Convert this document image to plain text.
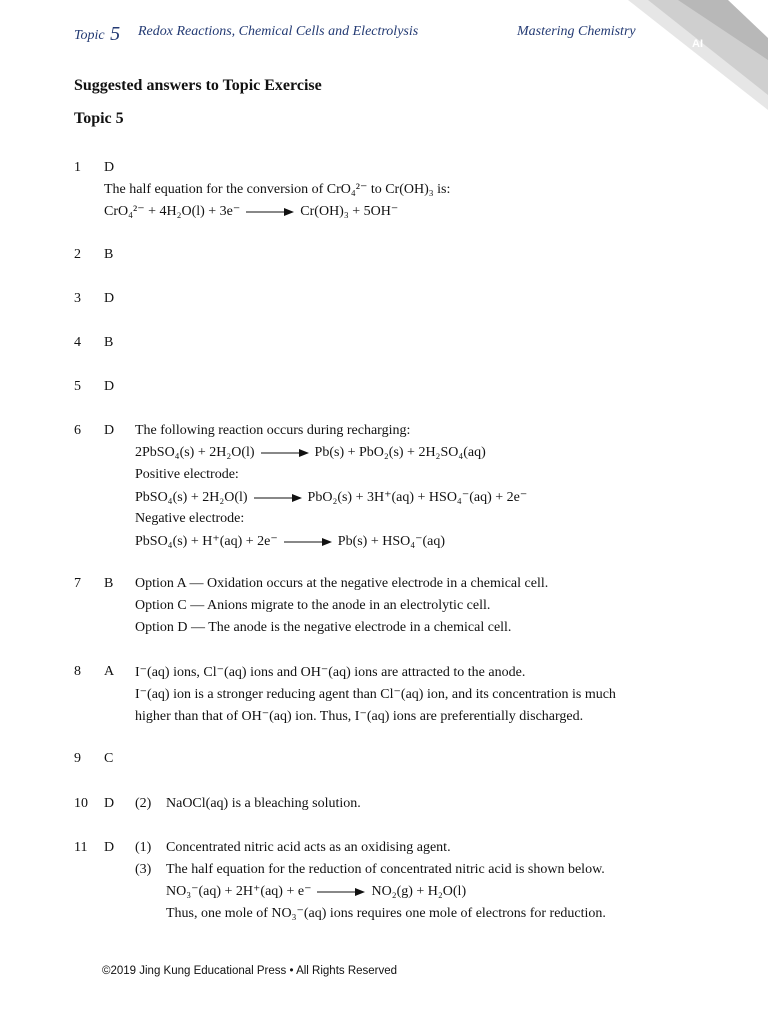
Topic 5 Redox Reactions, Chemical Cells and Electrolysis	Mastering Chemistry
AI
Suggested answers to Topic Exercise
Topic 5
1	D
The half equation for the conversion of CrO₄²⁻ to Cr(OH)₃ is:
CrO₄²⁻ + 4H₂O(l) + 3e⁻ → Cr(OH)₃ + 5OH⁻
2	B
3	D
4	B
5	D
6	D The following reaction occurs during recharging:
2PbSO₄(s) + 2H₂O(l) → Pb(s) + PbO₂(s) + 2H₂SO₄(aq)
Positive electrode:
PbSO₄(s) + 2H₂O(l) → PbO₂(s) + 3H⁺(aq) + HSO₄⁻(aq) + 2e⁻
Negative electrode:
PbSO₄(s) + H⁺(aq) + 2e⁻ → Pb(s) + HSO₄⁻(aq)
7	B Option A — Oxidation occurs at the negative electrode in a chemical cell.
Option C — Anions migrate to the anode in an electrolytic cell.
Option D — The anode is the negative electrode in a chemical cell.
8	A I⁻(aq) ions, Cl⁻(aq) ions and OH⁻(aq) ions are attracted to the anode.
I⁻(aq) ion is a stronger reducing agent than Cl⁻(aq) ion, and its concentration is much
higher than that of OH⁻(aq) ion. Thus, I⁻(aq) ions are preferentially discharged.
9	C
10	D (2) NaOCl(aq) is a bleaching solution.
11	D (1) Concentrated nitric acid acts as an oxidising agent.
(3) The half equation for the reduction of concentrated nitric acid is shown below.
NO₃⁻(aq) + 2H⁺(aq) + e⁻ → NO₂(g) + H₂O(l)
Thus, one mole of NO₃⁻(aq) ions requires one mole of electrons for reduction.
©2019 Jing Kung Educational Press • All Rights Reserved
